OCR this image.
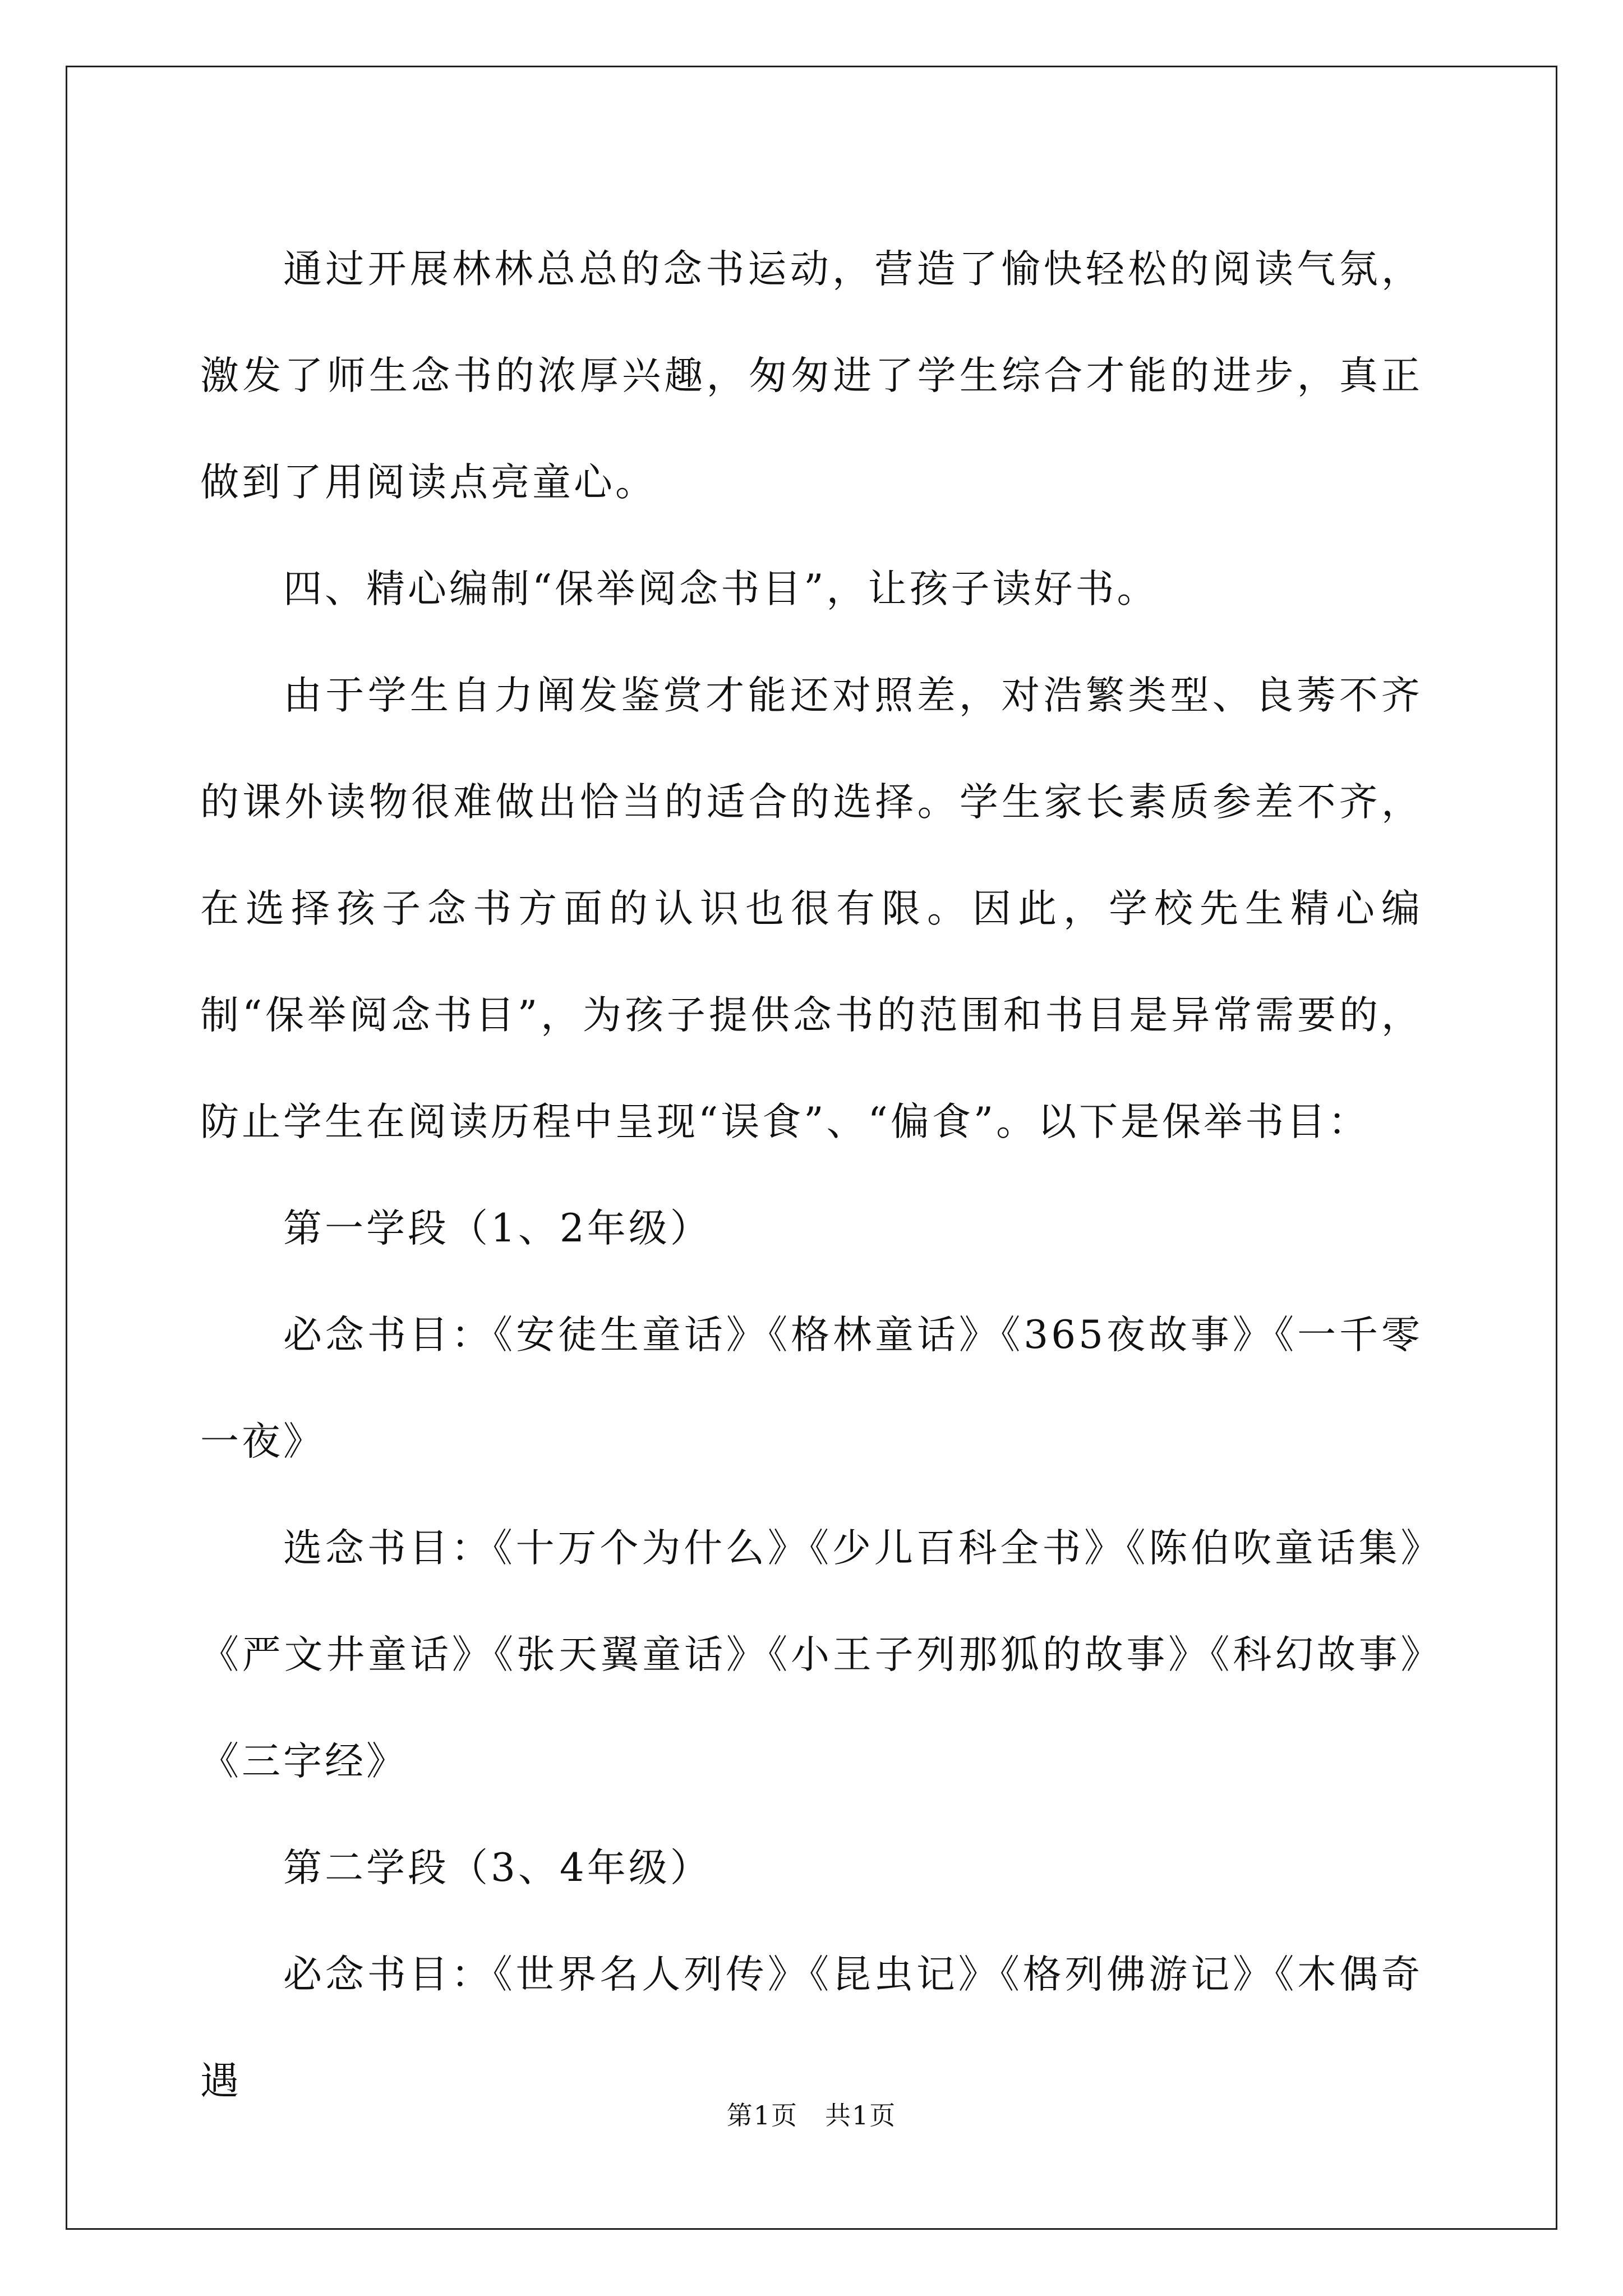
通过开展林林总总的念书运动，营造了愉快轻松的阅读气氛，激发了师生念书的浓厚兴趣，匆匆进了学生综合才能的进步，真正做到了用阅读点亮童心。

四、精心编制“保举阅念书目”，让孩子读好书。

由于学生自力阐发鉴赏才能还对照差，对浩繁类型、良莠不齐的课外读物很难做出恰当的适合的选择。学生家长素质参差不齐，在选择孩子念书方面的认识也很有限。因此，学校先生精心编制“保举阅念书目”，为孩子提供念书的范围和书目是异常需要的，防止学生在阅读历程中呈现“误食”、“偏食”。以下是保举书目：

第一学段（1、2年级）

必念书目：《安徒生童话》《格林童话》《365夜故事》《一千零一夜》

选念书目：《十万个为什么》《少儿百科全书》《陈伯吹童话集》《严文井童话》《张天翼童话》《小王子列那狐的故事》《科幻故事》《三字经》

第二学段（3、4年级）

必念书目：《世界名人列传》《昆虫记》《格列佛游记》《木偶奇遇

第1页 共1页
